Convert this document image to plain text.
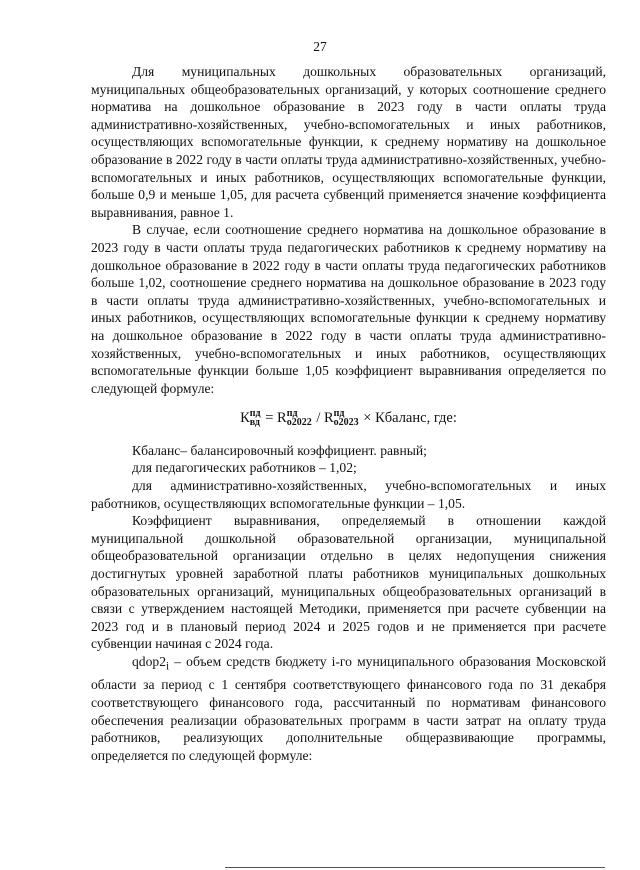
27

Для муниципальных дошкольных образовательных организаций, муниципальных общеобразовательных организаций, у которых соотношение среднего норматива на дошкольное образование в 2023 году в части оплаты труда административно-хозяйственных, учебно-вспомогательных и иных работников, осуществляющих вспомогательные функции, к среднему нормативу на дошкольное образование в 2022 году в части оплаты труда административно-хозяйственных, учебно-вспомогательных и иных работников, осуществляющих вспомогательные функции, больше 0,9 и меньше 1,05, для расчета субвенций применяется значение коэффициента выравнивания, равное 1.

В случае, если соотношение среднего норматива на дошкольное образование в 2023 году в части оплаты труда педагогических работников к среднему нормативу на дошкольное образование в 2022 году в части оплаты труда педагогических работников больше 1,02, соотношение среднего норматива на дошкольное образование в 2023 году в части оплаты труда административно-хозяйственных, учебно-вспомогательных и иных работников, осуществляющих вспомогательные функции к среднему нормативу на дошкольное образование в 2022 году в части оплаты труда административно-хозяйственных, учебно-вспомогательных и иных работников, осуществляющих вспомогательные функции больше 1,05 коэффициент выравнивания определяется по следующей формуле:

К пд
вд = R пд
о2022 / R пд
о2023 × Кбаланс, где:

Кбаланс– балансировочный коэффициент. равный;

для педагогических работников – 1,02;

для административно-хозяйственных, учебно-вспомогательных и иных работников, осуществляющих вспомогательные функции – 1,05.

Коэффициент выравнивания, определяемый в отношении каждой муниципальной дошкольной образовательной организации, муниципальной общеобразовательной организации отдельно в целях недопущения снижения достигнутых уровней заработной платы работников муниципальных дошкольных образовательных организаций, муниципальных общеобразовательных организаций в связи с утверждением настоящей Методики, применяется при расчете субвенции на 2023 год и в плановый период 2024 и 2025 годов и не применяется при расчете субвенции начиная с 2024 года.

$qdop2_i$ – объем средств бюджету i-го муниципального образования Московской области за период с 1 сентября соответствующего финансового года по 31 декабря соответствующего финансового года, рассчитанный по нормативам финансового обеспечения реализации образовательных программ в части затрат на оплату труда работников, реализующих дополнительные общеразвивающие программы, определяется по следующей формуле:
